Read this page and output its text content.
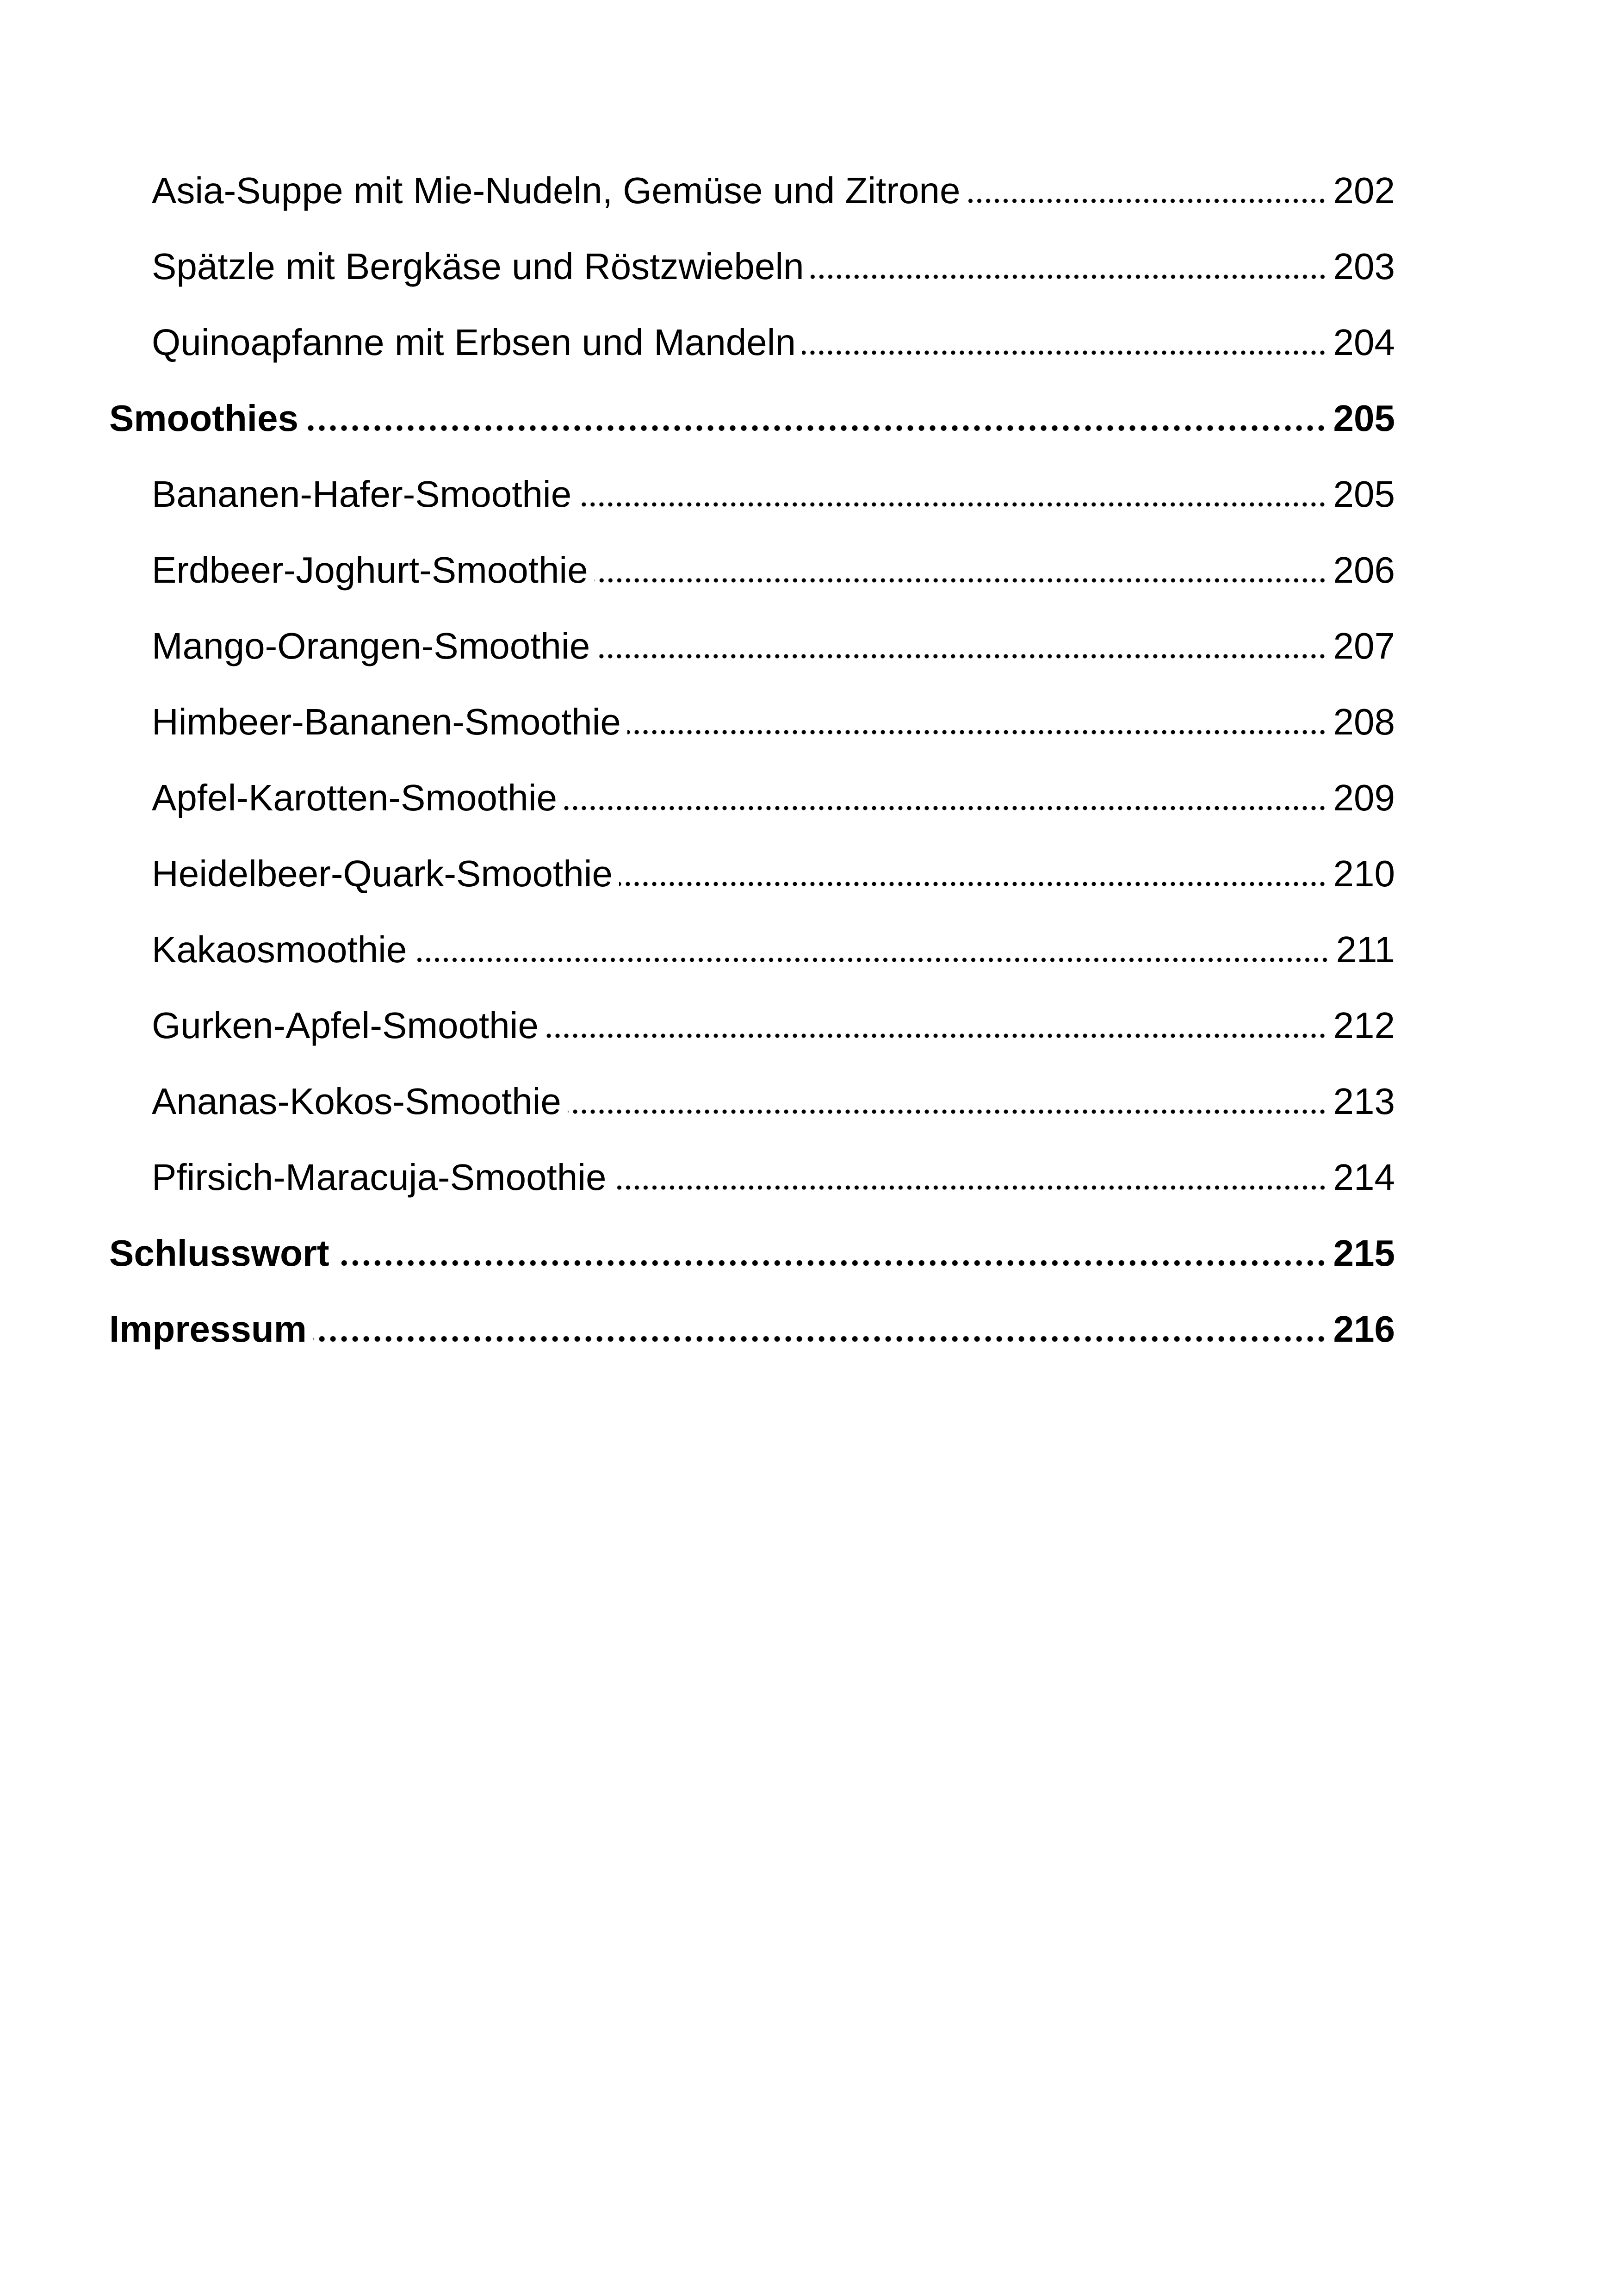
Asia-Suppe mit Mie-Nudeln, Gemüse und Zitrone	202
Spätzle mit Bergkäse und Röstzwiebeln	203
Quinoapfanne mit Erbsen und Mandeln	204
Smoothies	205
Bananen-Hafer-Smoothie	205
Erdbeer-Joghurt-Smoothie	206
Mango-Orangen-Smoothie	207
Himbeer-Bananen-Smoothie	208
Apfel-Karotten-Smoothie	209
Heidelbeer-Quark-Smoothie	210
Kakaosmoothie	211
Gurken-Apfel-Smoothie	212
Ananas-Kokos-Smoothie	213
Pfirsich-Maracuja-Smoothie	214
Schlusswort	215
Impressum	216
